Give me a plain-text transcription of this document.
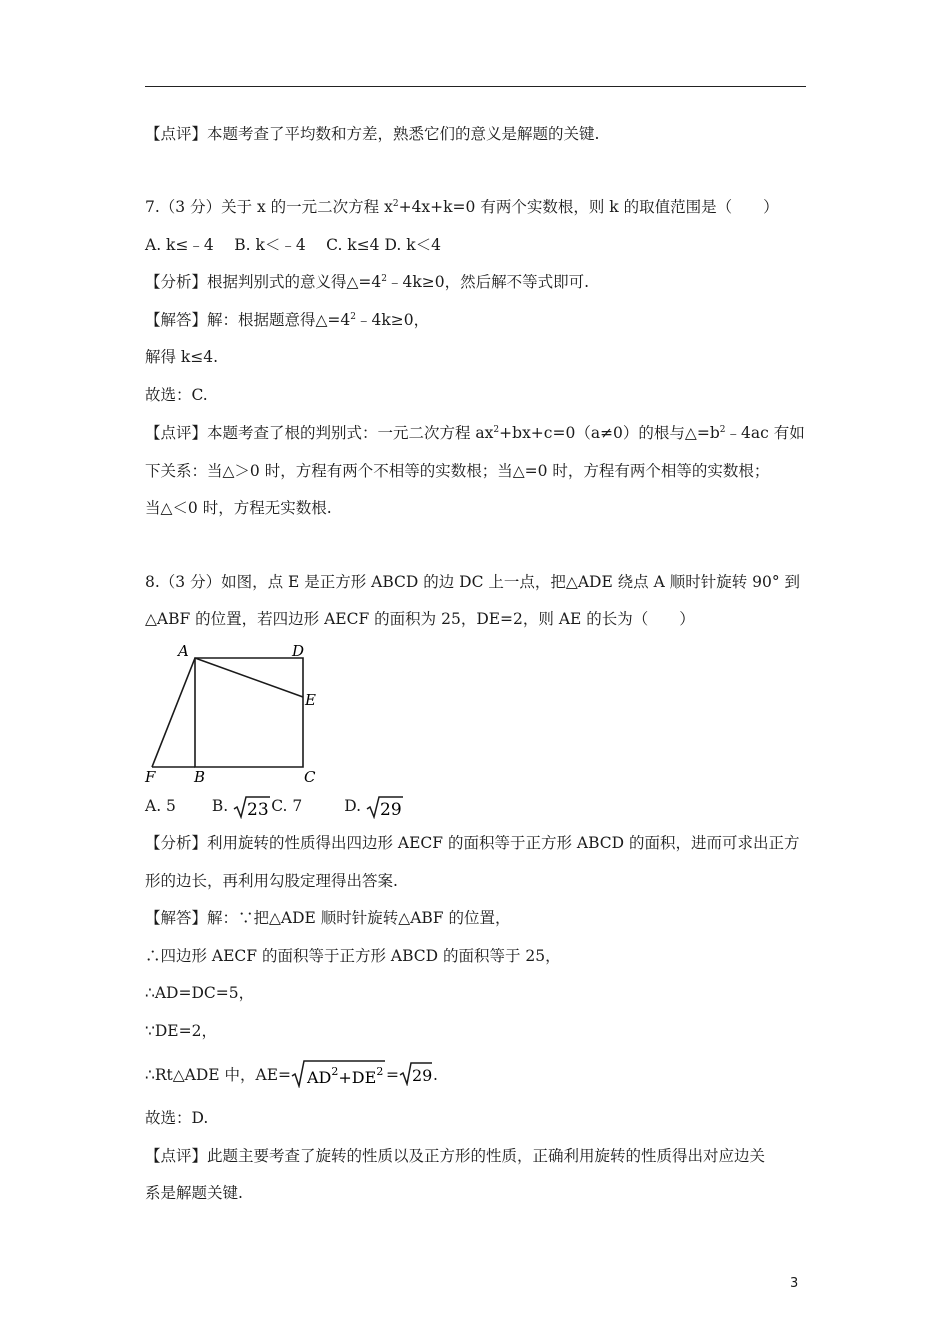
【点评】本题考查了平均数和方差，熟悉它们的意义是解题的关键.
7.（3 分）关于 x 的一元二次方程 $x^2+4x+k=0$ 有两个实数根，则 k 的取值范围是（　　）
A. k≤﹣4　 B. k＜﹣4　 C. k≤4 D. k＜4
【分析】根据判别式的意义得$\triangle=4^2﹣4k\ge 0$，然后解不等式即可.
【解答】解：根据题意得$\triangle=4^2﹣4k\ge 0$，
解得 k≤4.
故选：C.
【点评】本题考查了根的判别式：一元二次方程 $ax^2+bx+c=0(a\ne 0)$的根与$\triangle=b^2﹣4ac$ 有如
下关系：当△＞0 时，方程有两个不相等的实数根；当△=0 时，方程有两个相等的实数根；
当△＜0 时，方程无实数根.
8.（3 分）如图，点 E 是正方形 ABCD 的边 DC 上一点，把△ADE 绕点 A 顺时针旋转 90° 到
△ABF 的位置，若四边形 AECF 的面积为 25，DE=2，则 AE 的长为（　　）
A	D
E
F	B	C
A. 5 B. 23 C. 7	D. 29
【分析】利用旋转的性质得出四边形 AECF 的面积等于正方形 ABCD 的面积，进而可求出正方
形的边长，再利用勾股定理得出答案.
【解答】解：∵把△ADE 顺时针旋转△ABF 的位置，
∴四边形 AECF 的面积等于正方形 ABCD 的面积等于 25，
∴AD=DC=5，
∵DE=2，
∴Rt△ADE 中，$AE= AD^2+DE^2 = 29$ .
故选：D.
【点评】此题主要考查了旋转的性质以及正方形的性质，正确利用旋转的性质得出对应边关
系是解题关键.
3
